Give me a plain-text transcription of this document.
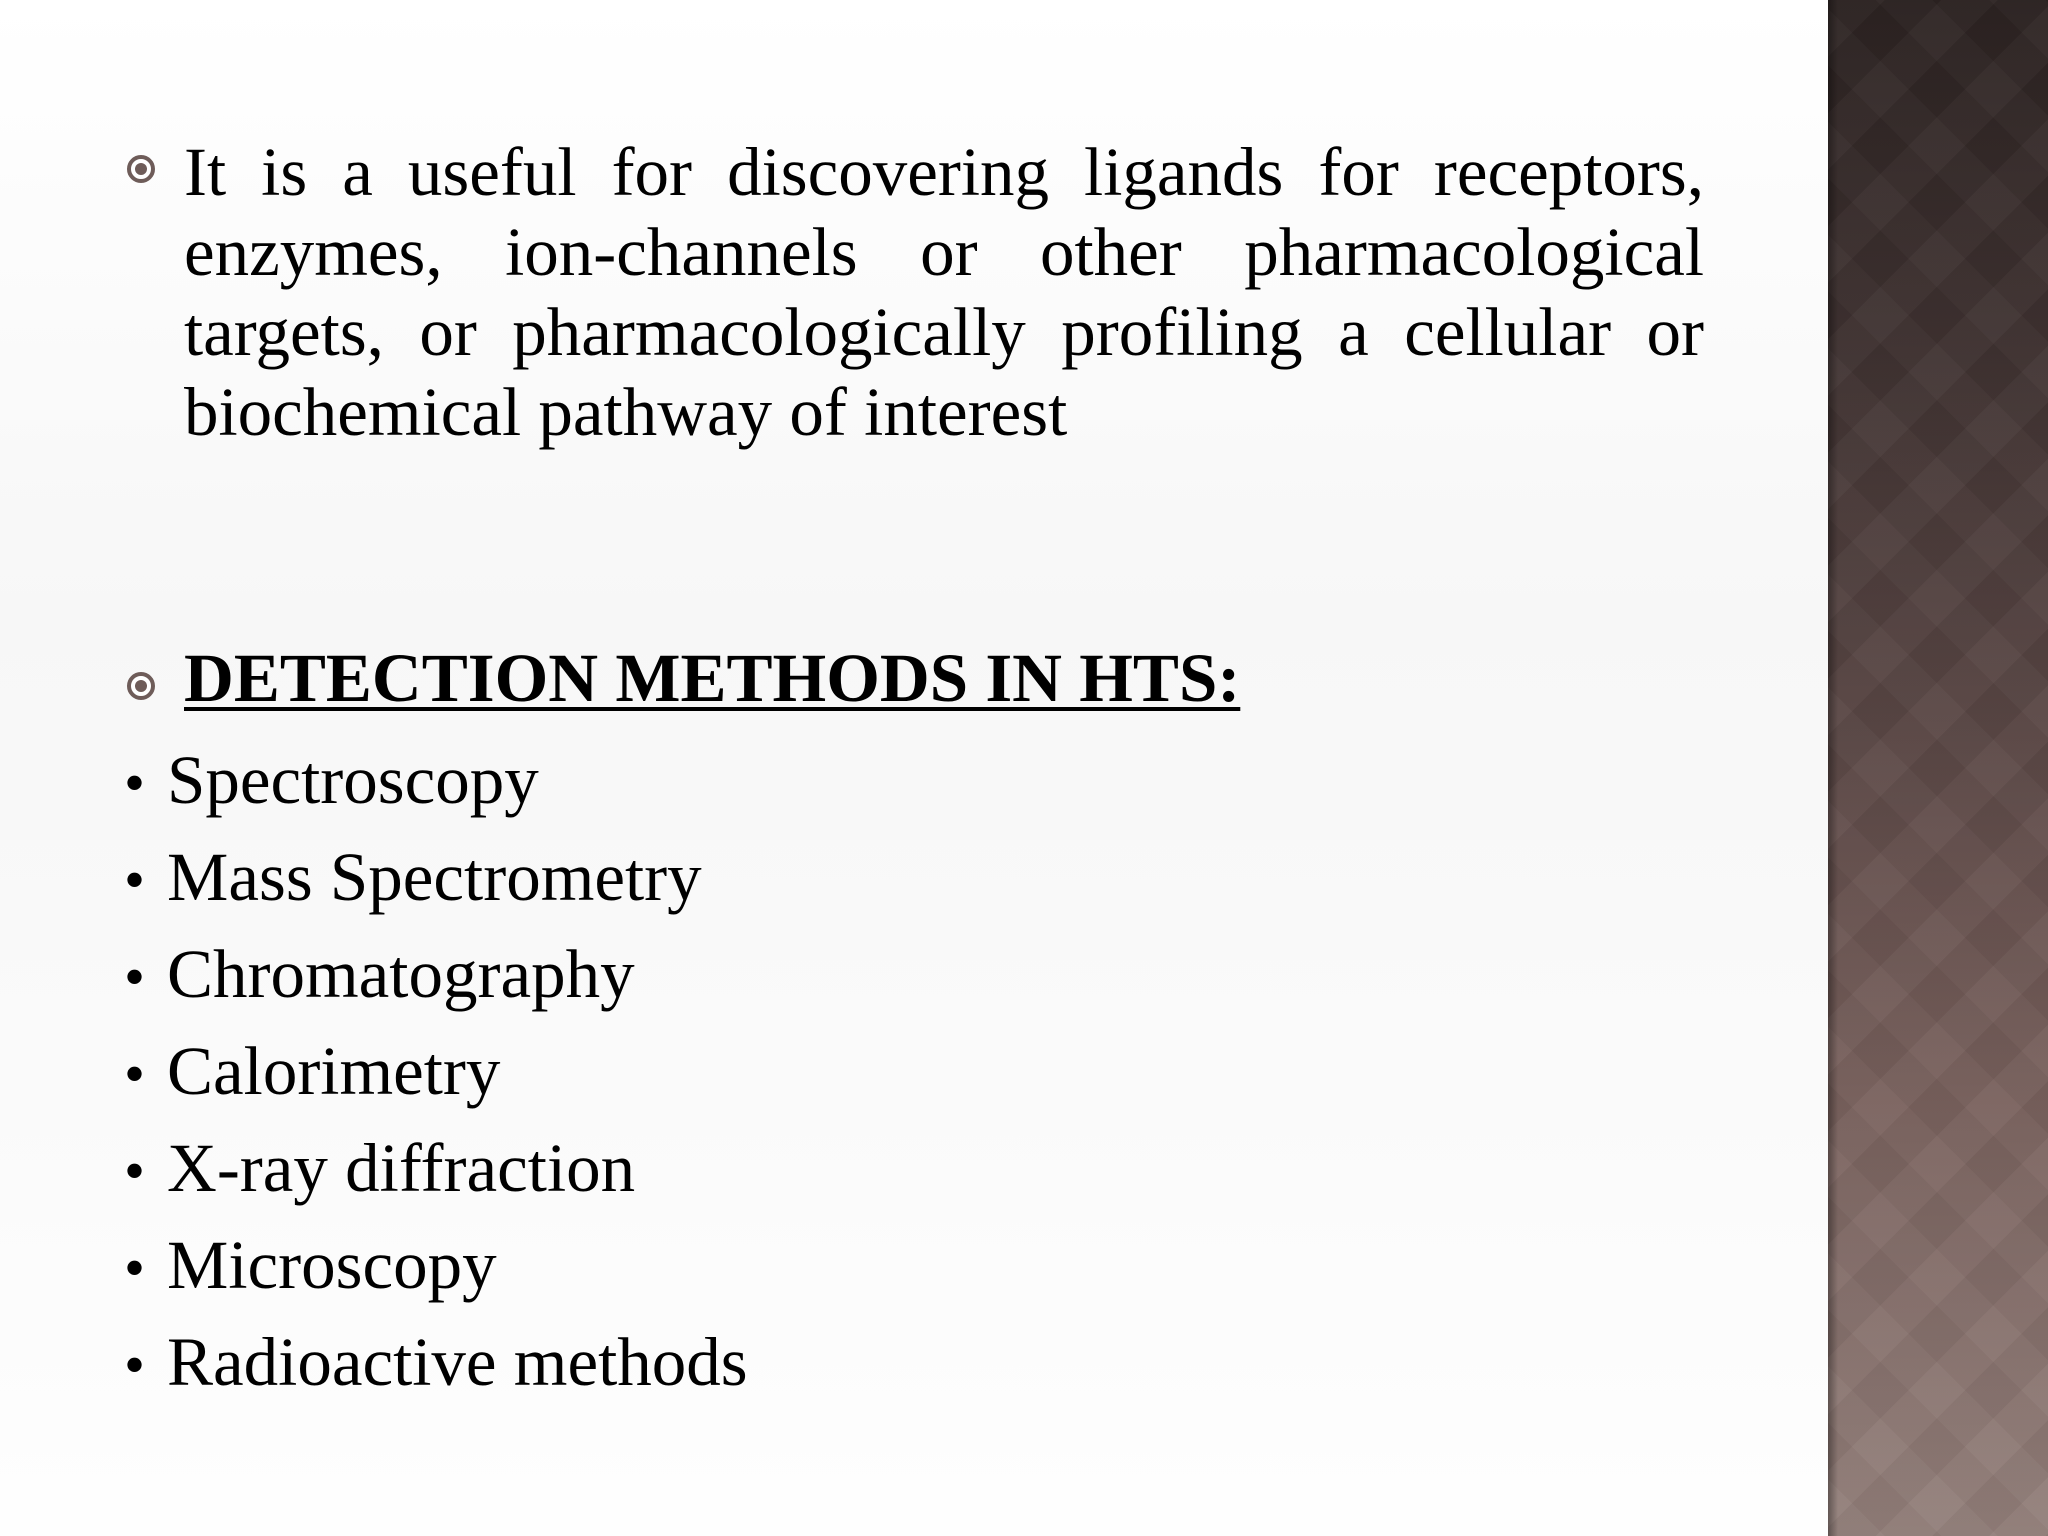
It is a useful for discovering ligands for receptors, enzymes, ion-channels or other pharmacological targets, or pharmacologically profiling a cellular or biochemical pathway of interest

DETECTION METHODS IN HTS:
• Spectroscopy
• Mass Spectrometry
• Chromatography
• Calorimetry
• X-ray diffraction
• Microscopy
• Radioactive methods
